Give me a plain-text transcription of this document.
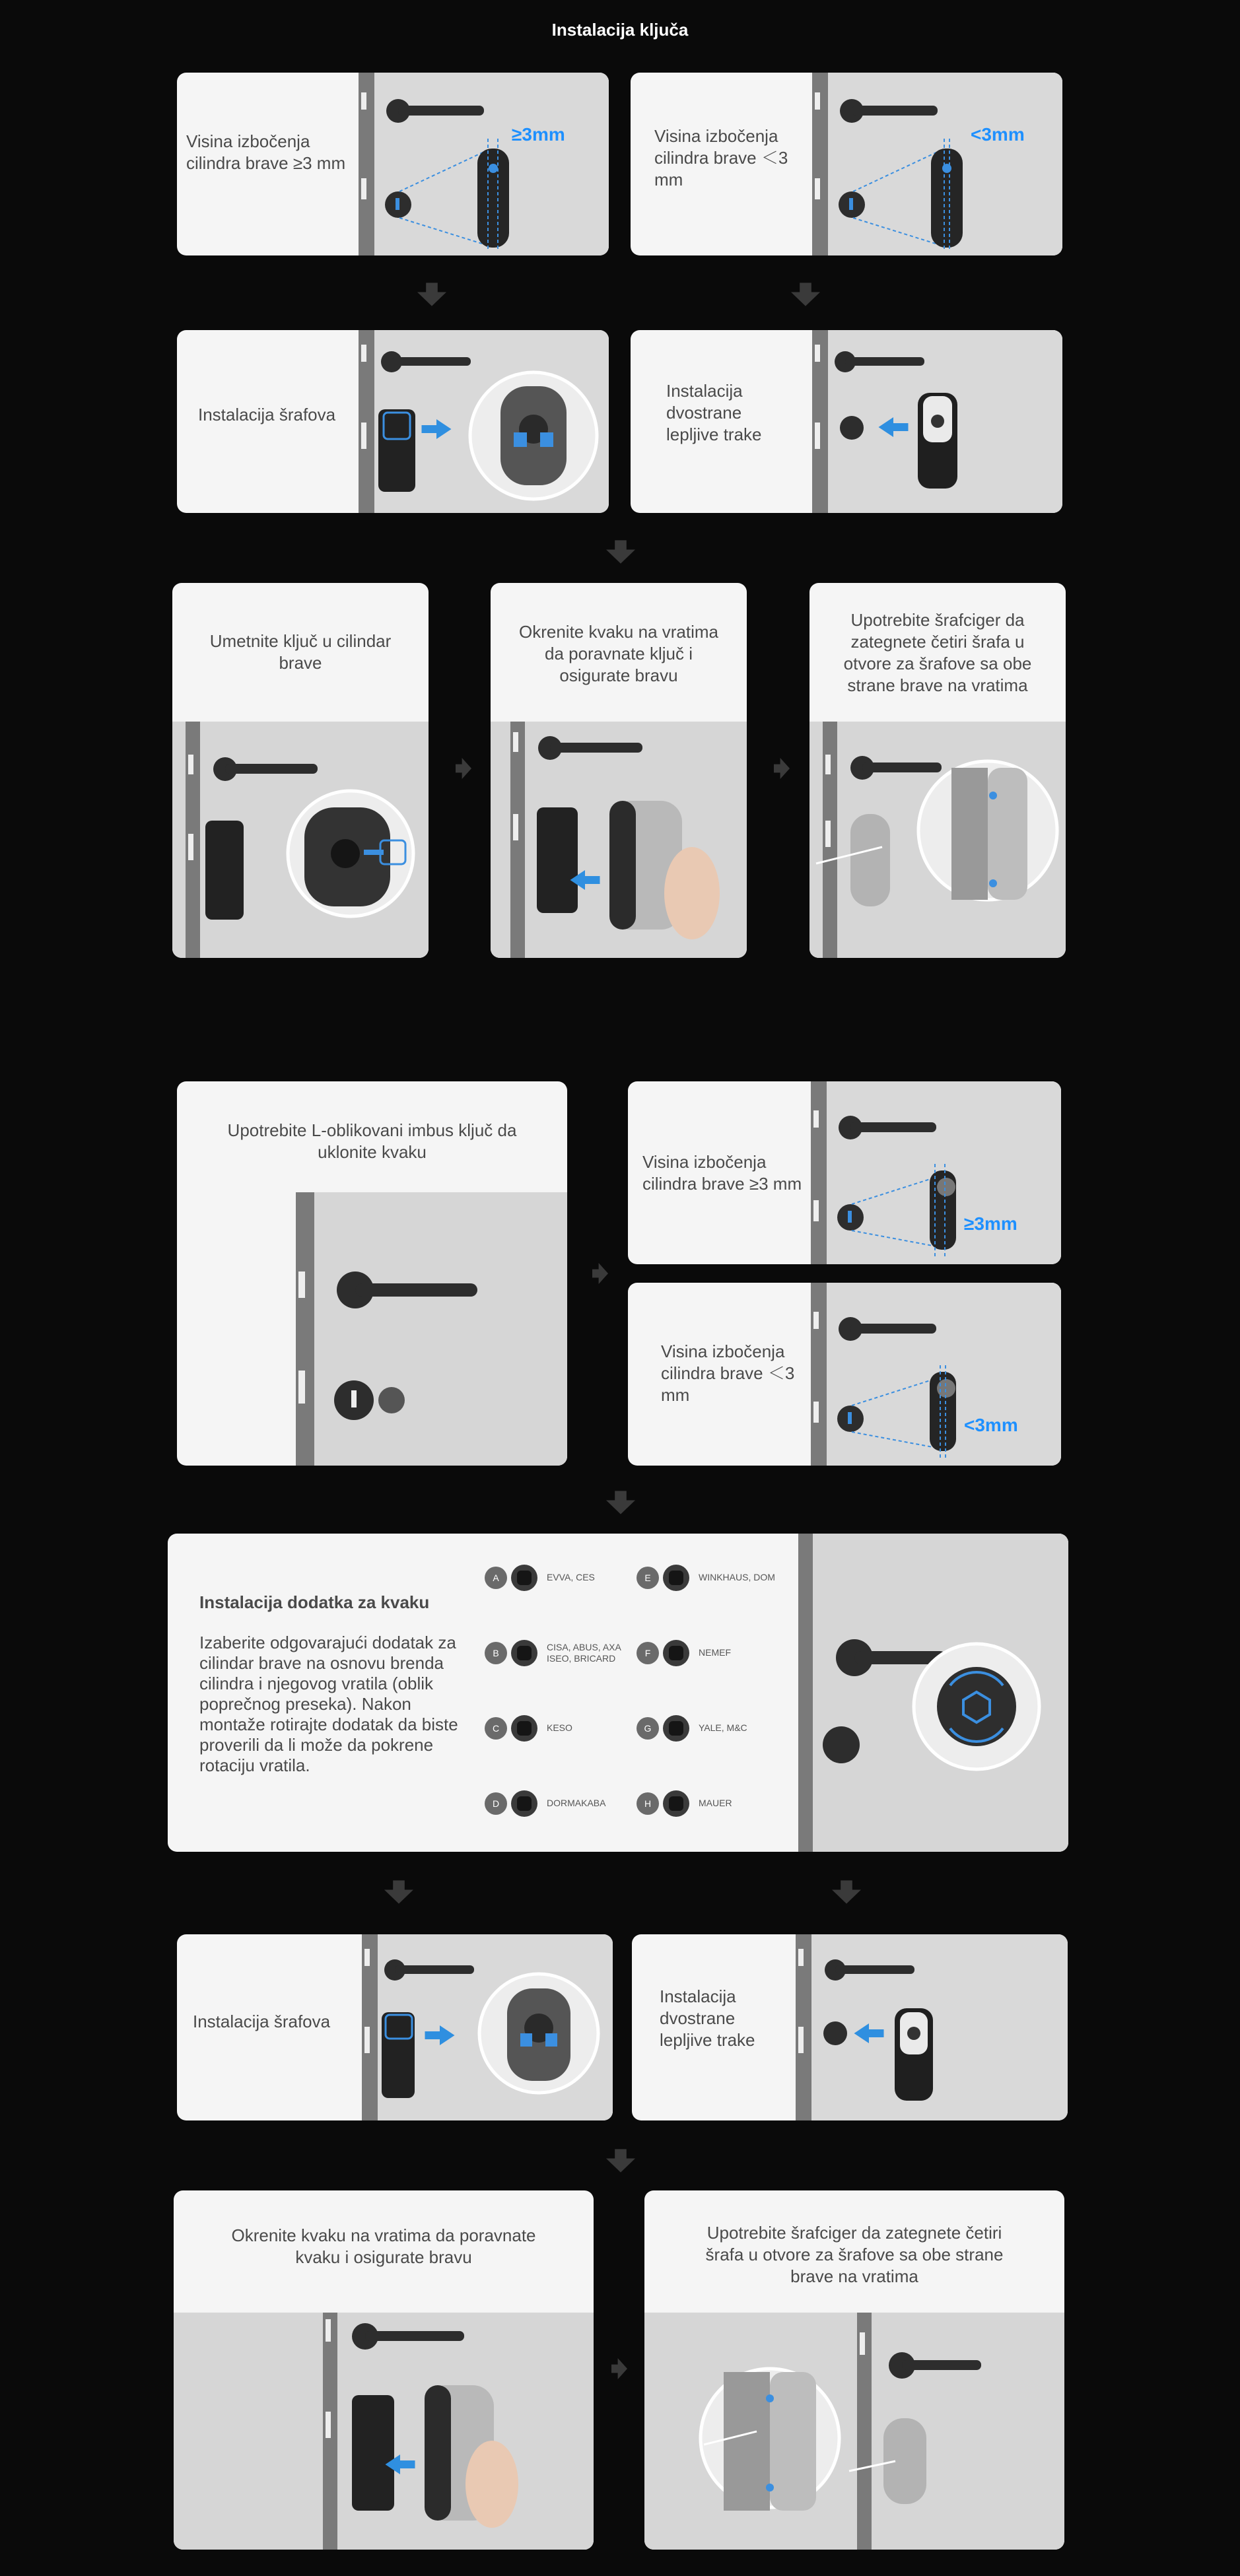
Instalacija ključa
Visina izbočenja cilindra brave ≥3 mm
≥3mm	Visina izbočenja cilindra brave ＜3 mm
<3mm
Instalacija šrafova
Instalacija dvostrane lepljive trake
Umetnite ključ u cilindar brave
Okrenite kvaku na vratima da poravnate ključ i osigurate bravu
Upotrebite šrafciger da zategnete četiri šrafa u otvore za šrafove sa obe strane brave na vratima
Upotrebite L-oblikovani imbus ključ da uklonite kvaku	Visina izbočenja cilindra brave ≥3 mm
≥3mm
Visina izbočenja cilindra brave ＜3 mm
<3mm
Instalacija dodatka za kvaku
Izaberite odgovarajući dodatak za cilindar brave na osnovu brenda cilindra i njegovog vratila (oblik poprečnog preseka). Nakon montaže rotirajte dodatak da biste proverili da li može da pokrene rotaciju vratila.
A	EVVA, CES	E	WINKHAUS, DOM
B
CISA, ABUS, AXA ISEO, BRICARD	F	NEMEF
C	KESO	G	YALE, M&C
D	DORMAKABA	H	MAUER
Instalacija šrafova
Instalacija dvostrane lepljive trake
Okrenite kvaku na vratima da poravnate kvaku i osigurate bravu
Upotrebite šrafciger da zategnete četiri šrafa u otvore za šrafove sa obe strane brave na vratima
